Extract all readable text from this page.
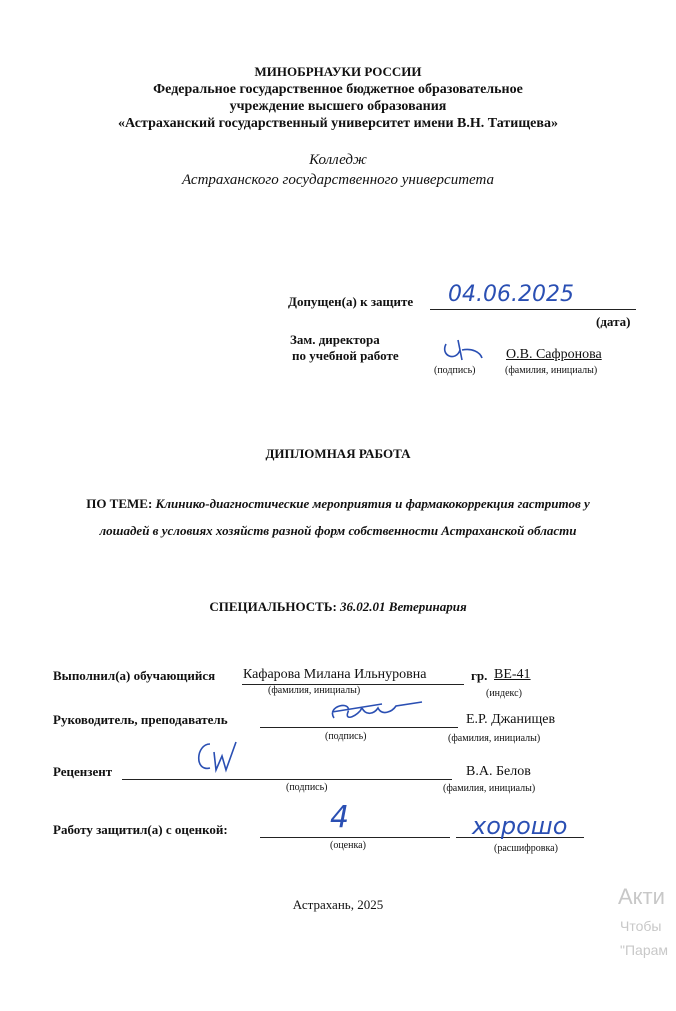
МИНОБРНАУКИ РОССИИ
Федеральное государственное бюджетное образовательное
учреждение высшего образования
«Астраханский государственный университет имени В.Н. Татищева»
Колледж
Астраханского государственного университета
Допущен(а) к защите 04.06.2025
(дата)
Зам. директора
по учебной работе	О.В. Сафронова
(подпись)	(фамилия, инициалы)
ДИПЛОМНАЯ РАБОТА
ПО ТЕМЕ: Клинико-диагностические мероприятия и фармакокоррекция гастритов у
лошадей в условиях хозяйств разной форм собственности Астраханской области
СПЕЦИАЛЬНОСТЬ: 36.02.01 Ветеринария
Выполнил(а) обучающийся Кафарова Милана Ильнуровна	гр. ВЕ-41
(фамилия, инициалы)	(индекс)
Руководитель, преподаватель	Е.Р. Джанищев
(подпись)	(фамилия, инициалы)
Рецензент	В.А. Белов
(подпись)	(фамилия, инициалы)
Работу защитил(а) с оценкой:	4	хорошо
(оценка)	(расшифровка)
Астрахань, 2025	Акти
Чтобы
"Парам
